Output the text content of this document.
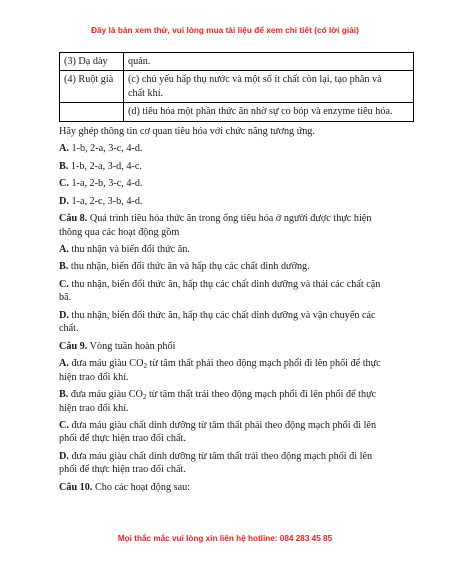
Đây là bản xem thử, vui lòng mua tài liệu để xem chi tiết (có lời giải)
(3) Dạ dày	quản.
(4) Ruột già	(c) chủ yếu hấp thụ nước và một số ít chất còn lại, tạo phân và
chất khí.
	(d) tiêu hóa một phần thức ăn nhờ sự co bóp và enzyme tiêu hóa.

Hãy ghép thông tin cơ quan tiêu hóa với chức năng tương ứng.

A. 1-b, 2-a, 3-c, 4-d.

B. 1-b, 2-a, 3-d, 4-c.

C. 1-a, 2-b, 3-c, 4-d.

D. 1-a, 2-c, 3-b, 4-d.

Câu 8. Quá trình tiêu hóa thức ăn trong ống tiêu hóa ở người được thực hiện

thông qua các hoạt động gồm

A. thu nhận và biến đổi thức ăn.

B. thu nhận, biến đổi thức ăn và hấp thụ các chất dinh dưỡng.

C. thu nhận, biến đổi thức ăn, hấp thụ các chất dinh dưỡng và thải các chất cặn

bã.

D. thu nhận, biến đổi thức ăn, hấp thụ các chất dinh dưỡng và vận chuyển các

chất.

Câu 9. Vòng tuần hoàn phổi

A. đưa máu giàu $CO_2$ từ tâm thất phải theo động mạch phổi đi lên phổi để thực

hiện trao đổi khí.

B. đưa máu giàu $CO_2$ từ tâm thất trái theo động mạch phổi đi lên phổi để thực

hiện trao đổi khí.

C. đưa máu giàu chất dinh dưỡng từ tâm thất phải theo động mạch phổi đi lên

phổi để thực hiện trao đổi chất.

D. đưa máu giàu chất dinh dưỡng từ tâm thất trái theo động mạch phổi đi lên

phổi để thực hiện trao đổi chất.

Câu 10. Cho các hoạt động sau:

Mọi thắc mắc vui lòng xin liên hệ hotline: 084 283 45 85
